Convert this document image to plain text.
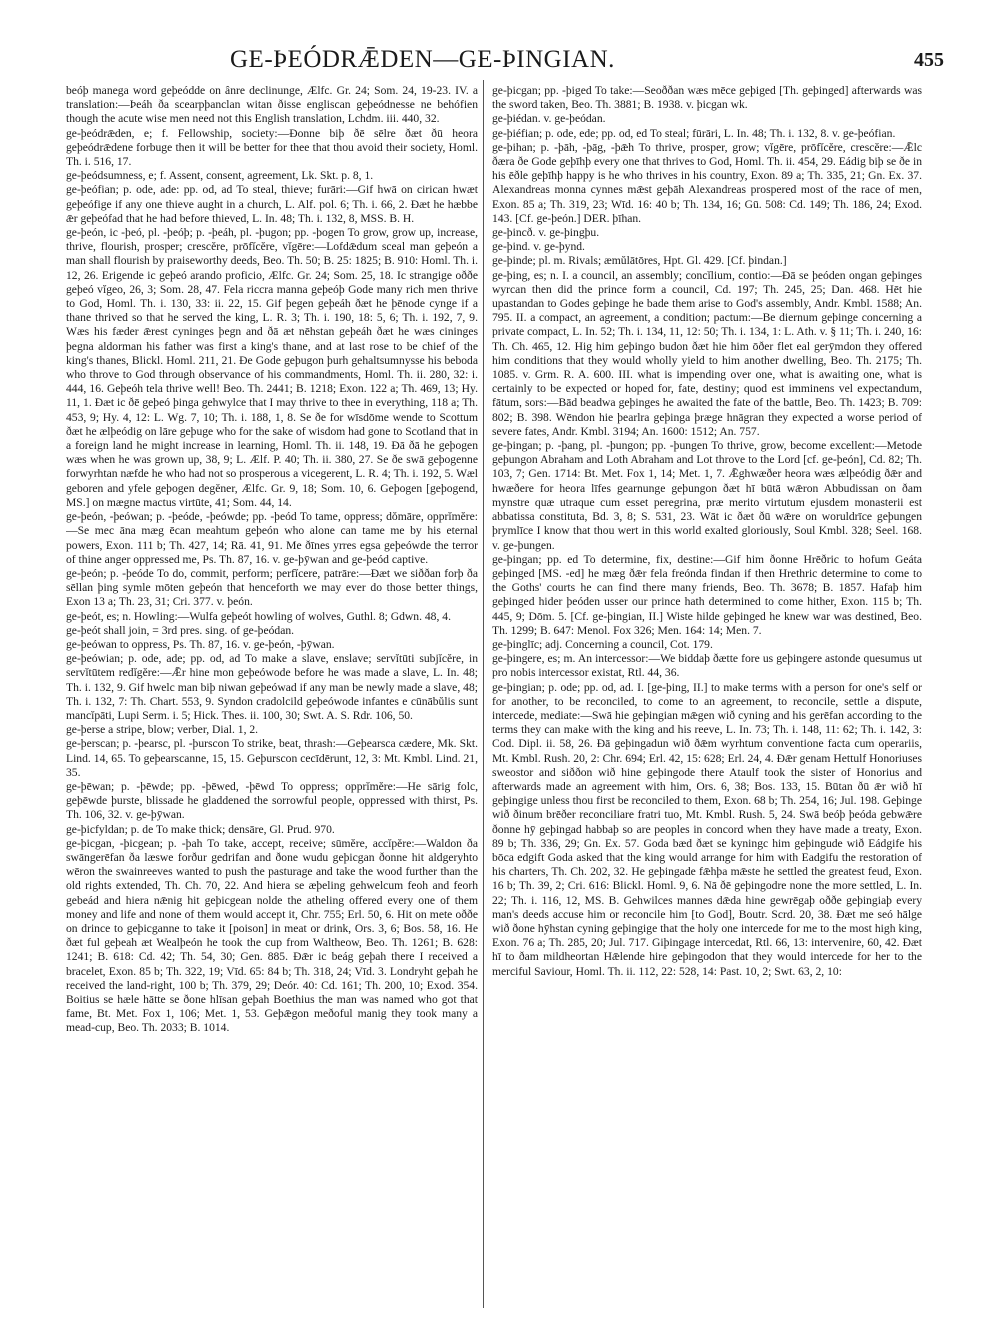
GE-ÞEÓDRǢDEN—GE-ÞINGIAN.	455

beóþ manega word geþeódde on ânre declinunge, Ælfc. Gr. 24; Som. 24, 19-23. IV. a translation:—Þeáh ða scearpþanclan witan ðisse engliscan geþeódnesse ne behófien though the acute wise men need not this English translation, Lchdm. iii. 440, 32.

ge-þeódrǣden, e; f. Fellowship, society:—Ðonne biþ ðē sēlre ðæt ðū heora geþeódrǣdene forbuge then it will be better for thee that thou avoid their society, Homl. Th. i. 516, 17.

ge-þeódsumness, e; f. Assent, consent, agreement, Lk. Skt. p. 8, 1.

ge-þeófian; p. ode, ade: pp. od, ad To steal, thieve; furāri:—Gif hwā on cirican hwæt geþeófige if any one thieve aught in a church, L. Alf. pol. 6; Th. i. 66, 2. Ðæt he hæbbe ǣr geþeófad that he had before thieved, L. In. 48; Th. i. 132, 8, MSS. B. H.

ge-þeón, ic -þeó, pl. -þeóþ; p. -þeáh, pl. -þugon; pp. -þogen To grow, grow up, increase, thrive, flourish, prosper; crescĕre, prōfĭcĕre, vĭgēre:—Lofdǣdum sceal man geþeón a man shall flourish by praiseworthy deeds, Beo. Th. 50; B. 25: 1825; B. 910: Homl. Th. i. 12, 26. Erigende ic geþeó arando proficio, Ælfc. Gr. 24; Som. 25, 18. Ic strangige oððe geþeó vĭgeo, 26, 3; Som. 28, 47. Fela riccra manna geþeóþ Gode many rich men thrive to God, Homl. Th. i. 130, 33: ii. 22, 15. Gif þegen geþeáh ðæt he þēnode cynge if a thane thrived so that he served the king, L. R. 3; Th. i. 190, 18: 5, 6; Th. i. 192, 7, 9. Wæs his fæder ǣrest cyninges þegn and ðā æt nēhstan geþeáh ðæt he wæs cininges þegna aldorman his father was first a king's thane, and at last rose to be chief of the king's thanes, Blickl. Homl. 211, 21. Ðe Gode geþugon þurh gehaltsumnysse his beboda who throve to God through observance of his commandments, Homl. Th. ii. 280, 32: i. 444, 16. Geþeóh tela thrive well! Beo. Th. 2441; B. 1218; Exon. 122 a; Th. 469, 13; Hy. 11, 1. Ðæt ic ðē geþeó þinga gehwylce that I may thrive to thee in everything, 118 a; Th. 453, 9; Hy. 4, 12: L. Wg. 7, 10; Th. i. 188, 1, 8. Se ðe for wīsdōme wende to Scottum ðæt he ælþeódig on lāre geþuge who for the sake of wisdom had gone to Scotland that in a foreign land he might increase in learning, Homl. Th. ii. 148, 19. Ðā ðā he geþogen wæs when he was grown up, 38, 9; L. Ælf. P. 40; Th. ii. 380, 27. Se ðe swā geþogenne forwyrhtan næfde he who had not so prosperous a vicegerent, L. R. 4; Th. i. 192, 5. Wæl geboren and yfele geþogen degĕner, Ælfc. Gr. 9, 18; Som. 10, 6. Geþogen [geþogend, MS.] on mægne mactus virtūte, 41; Som. 44, 14.

ge-þeón, -þeówan; p. -þeóde, -þeówde; pp. -þeód To tame, oppress; dŏmāre, opprĭmĕre:—Se mec āna mæg ēcan meahtum geþeón who alone can tame me by his eternal powers, Exon. 111 b; Th. 427, 14; Rā. 41, 91. Me ðīnes yrres egsa geþeówde the terror of thine anger oppressed me, Ps. Th. 87, 16. v. ge-þȳwan and ge-þeód captive.

ge-þeón; p. -þeóde To do, commit, perform; perfĭcere, patrāre:—Ðæt we siððan forþ ða sēllan þing symle mōten geþeón that henceforth we may ever do those better things, Exon 13 a; Th. 23, 31; Cri. 377. v. þeón.

ge-þeót, es; n. Howling:—Wulfa geþeót howling of wolves, Guthl. 8; Gdwn. 48, 4.

ge-þeót shall join, = 3rd pres. sing. of ge-þeódan.

ge-þeówan to oppress, Ps. Th. 87, 16. v. ge-þeón, -þȳwan.

ge-þeówian; p. ode, ade; pp. od, ad To make a slave, enslave; servĭtūti subjĭcĕre, in servĭtūtem redĭgĕre:—Ǣr hine mon geþeówode before he was made a slave, L. In. 48; Th. i. 132, 9. Gif hwelc man biþ niwan geþeówad if any man be newly made a slave, 48; Th. i. 132, 7: Th. Chart. 553, 9. Syndon cradolcild geþeówode infantes e cūnābŭlis sunt mancĭpāti, Lupi Serm. i. 5; Hick. Thes. ii. 100, 30; Swt. A. S. Rdr. 106, 50.

ge-þerse a stripe, blow; verber, Dial. 1, 2.

ge-þerscan; p. -þearsc, pl. -þurscon To strike, beat, thrash:—Geþearsca cædere, Mk. Skt. Lind. 14, 65. To geþearscanne, 15, 15. Geþurscon cecīdērunt, 12, 3: Mt. Kmbl. Lind. 21, 35.

ge-þēwan; p. -þēwde; pp. -þēwed, -þēwd To oppress; opprĭmĕre:—He sārig folc, geþēwde þurste, blissade he gladdened the sorrowful people, oppressed with thirst, Ps. Th. 106, 32. v. ge-þȳwan.

ge-þicfyldan; p. de To make thick; densāre, Gl. Prud. 970.

ge-þicgan, -þicgean; p. -þah To take, accept, receive; sūmĕre, accĭpĕre:—Waldon ða swāngerēfan ða læswe forður gedrifan and ðone wudu geþicgan ðonne hit aldgeryhto wēron the swainreeves wanted to push the pasturage and take the wood further than the old rights extended, Th. Ch. 70, 22. And hiera se æþeling gehwelcum feoh and feorh gebeád and hiera nǣnig hit geþicgean nolde the atheling offered every one of them money and life and none of them would accept it, Chr. 755; Erl. 50, 6. Hit on mete oððe on drince to geþicganne to take it [poison] in meat or drink, Ors. 3, 6; Bos. 58, 16. He ðæt ful geþeah æt Wealþeón he took the cup from Waltheow, Beo. Th. 1261; B. 628: 1241; B. 618: Cd. 42; Th. 54, 30; Gen. 885. Ðǣr ic beág geþah there I received a bracelet, Exon. 85 b; Th. 322, 19; Vīd. 65: 84 b; Th. 318, 24; Vīd. 3. Londryht geþah he received the land-right, 100 b; Th. 379, 29; Deór. 40: Cd. 161; Th. 200, 10; Exod. 354. Boitius se hæle hātte se ðone hlīsan geþah Boethius the man was named who got that fame, Bt. Met. Fox 1, 106; Met. 1, 53. Geþǣgon meðoful manig they took many a mead-cup, Beo. Th. 2033; B. 1014.

ge-þicgan; pp. -þiged To take:—Seoððan wæs mēce geþiged [Th. geþinged] afterwards was the sword taken, Beo. Th. 3881; B. 1938. v. þicgan wk.

ge-þiédan. v. ge-þeódan.

ge-þiéfian; p. ode, ede; pp. od, ed To steal; fūrāri, L. In. 48; Th. i. 132, 8. v. ge-þeófian.

ge-þihan; p. -þāh, -þāg, -þǣh To thrive, prosper, grow; vĭgēre, prōfĭcĕre, crescĕre:—Ǣlc ðæra ðe Gode geþīhþ every one that thrives to God, Homl. Th. ii. 454, 29. Eádig biþ se ðe in his ēðle geþīhþ happy is he who thrives in his country, Exon. 89 a; Th. 335, 21; Gn. Ex. 37. Alexandreas monna cynnes mǣst geþāh Alexandreas prospered most of the race of men, Exon. 85 a; Th. 319, 23; Wīd. 16: 40 b; Th. 134, 16; Gū. 508: Cd. 149; Th. 186, 24; Exod. 143. [Cf. ge-þeón.] DER. þīhan.

ge-þincð. v. ge-þingþu.

ge-þind. v. ge-þynd.

ge-þinde; pl. m. Rivals; æmŭlātōres, Hpt. Gl. 429. [Cf. þindan.]

ge-þing, es; n. I. a council, an assembly; concĭlium, contio:—Ðā se þeóden ongan geþinges wyrcan then did the prince form a council, Cd. 197; Th. 245, 25; Dan. 468. Hēt hie upastandan to Godes geþinge he bade them arise to God's assembly, Andr. Kmbl. 1588; An. 795. II. a compact, an agreement, a condition; pactum:—Be diernum geþinge concerning a private compact, L. In. 52; Th. i. 134, 11, 12: 50; Th. i. 134, 1: L. Ath. v. § 11; Th. i. 240, 16: Th. Ch. 465, 12. Hig him geþingo budon ðæt hie him ōðer flet eal gerȳmdon they offered him conditions that they would wholly yield to him another dwelling, Beo. Th. 2175; Th. 1085. v. Grm. R. A. 600. III. what is impending over one, what is awaiting one, what is certainly to be expected or hoped for, fate, destiny; quod est imminens vel expectandum, fātum, sors:—Bād beadwa geþinges he awaited the fate of the battle, Beo. Th. 1423; B. 709: 802; B. 398. Wēndon hie þearlra geþinga þræge hnāgran they expected a worse period of severe fates, Andr. Kmbl. 3194; An. 1600: 1512; An. 757.

ge-þingan; p. -þang, pl. -þungon; pp. -þungen To thrive, grow, become excellent:—Metode geþungon Abraham and Loth Abraham and Lot throve to the Lord [cf. ge-þeón], Cd. 82; Th. 103, 7; Gen. 1714: Bt. Met. Fox 1, 14; Met. 1, 7. Ǣghwæðer heora wæs ælþeódig ðǣr and hwæðere for heora līfes gearnunge geþungon ðæt hī būtā wǣron Abbudissan on ðam mynstre quæ utraque cum esset peregrina, præ merito virtutum ejusdem monasterii est abbatissa constituta, Bd. 3, 8; S. 531, 23. Wāt ic ðæt ðū wǣre on woruldrīce geþungen þrymlīce I know that thou wert in this world exalted gloriously, Soul Kmbl. 328; Seel. 168. v. ge-þungen.

ge-þingan; pp. ed To determine, fix, destine:—Gif him ðonne Hrēðric to hofum Geáta geþinged [MS. -ed] he mæg ðǣr fela freónda findan if then Hrethric determine to come to the Goths' courts he can find there many friends, Beo. Th. 3678; B. 1857. Hafaþ him geþinged hider þeóden usser our prince hath determined to come hither, Exon. 115 b; Th. 445, 9; Dōm. 5. [Cf. ge-þingian, II.] Wiste hilde geþinged he knew war was destined, Beo. Th. 1299; B. 647: Menol. Fox 326; Men. 164: 14; Men. 7.

ge-þinglīc; adj. Concerning a council, Cot. 179.

ge-þingere, es; m. An intercessor:—We biddaþ ðætte fore us geþingere astonde quesumus ut pro nobis intercessor existat, Rtl. 44, 36.

ge-þingian; p. ode; pp. od, ad. I. [ge-þing, II.] to make terms with a person for one's self or for another, to be reconciled, to come to an agreement, to reconcile, settle a dispute, intercede, mediate:—Swā hie geþingian mǣgen wið cyning and his gerēfan according to the terms they can make with the king and his reeve, L. In. 73; Th. i. 148, 11: 62; Th. i. 142, 3: Cod. Dipl. ii. 58, 26. Ðā geþingadun wið ðǣm wyrhtum conventione facta cum operariis, Mt. Kmbl. Rush. 20, 2: Chr. 694; Erl. 42, 15: 628; Erl. 24, 4. Ðǣr genam Hettulf Honoriuses sweostor and siððon wið hine geþingode there Ataulf took the sister of Honorius and afterwards made an agreement with him, Ors. 6, 38; Bos. 133, 15. Būtan ðū ǣr wið hī geþingige unless thou first be reconciled to them, Exon. 68 b; Th. 254, 16; Jul. 198. Geþinge wið ðinum brēðer reconciliare fratri tuo, Mt. Kmbl. Rush. 5, 24. Swā beóþ þeóda gebwǣre ðonne hȳ geþingad habbaþ so are peoples in concord when they have made a treaty, Exon. 89 b; Th. 336, 29; Gn. Ex. 57. Goda bæd ðæt se kyningc him geþingude wið Eádgife his bōca edgift Goda asked that the king would arrange for him with Eadgifu the restoration of his charters, Th. Ch. 202, 32. He geþingade fǣhþa mǣste he settled the greatest feud, Exon. 16 b; Th. 39, 2; Cri. 616: Blickl. Homl. 9, 6. Nā ðē geþingodre none the more settled, L. In. 22; Th. i. 116, 12, MS. B. Gehwilces mannes dǣda hine gewrēgaþ oððe geþingiaþ every man's deeds accuse him or reconcile him [to God], Boutr. Scrd. 20, 38. Ðæt me seó hālge wið ðone hȳhstan cyning geþingige that the holy one intercede for me to the most high king, Exon. 76 a; Th. 285, 20; Jul. 717. Giþingage intercedat, Rtl. 66, 13: intervenire, 60, 42. Ðæt hī to ðam mildheortan Hǣlende hire geþingodon that they would intercede for her to the merciful Saviour, Homl. Th. ii. 112, 22: 528, 14: Past. 10, 2; Swt. 63, 2, 10:
